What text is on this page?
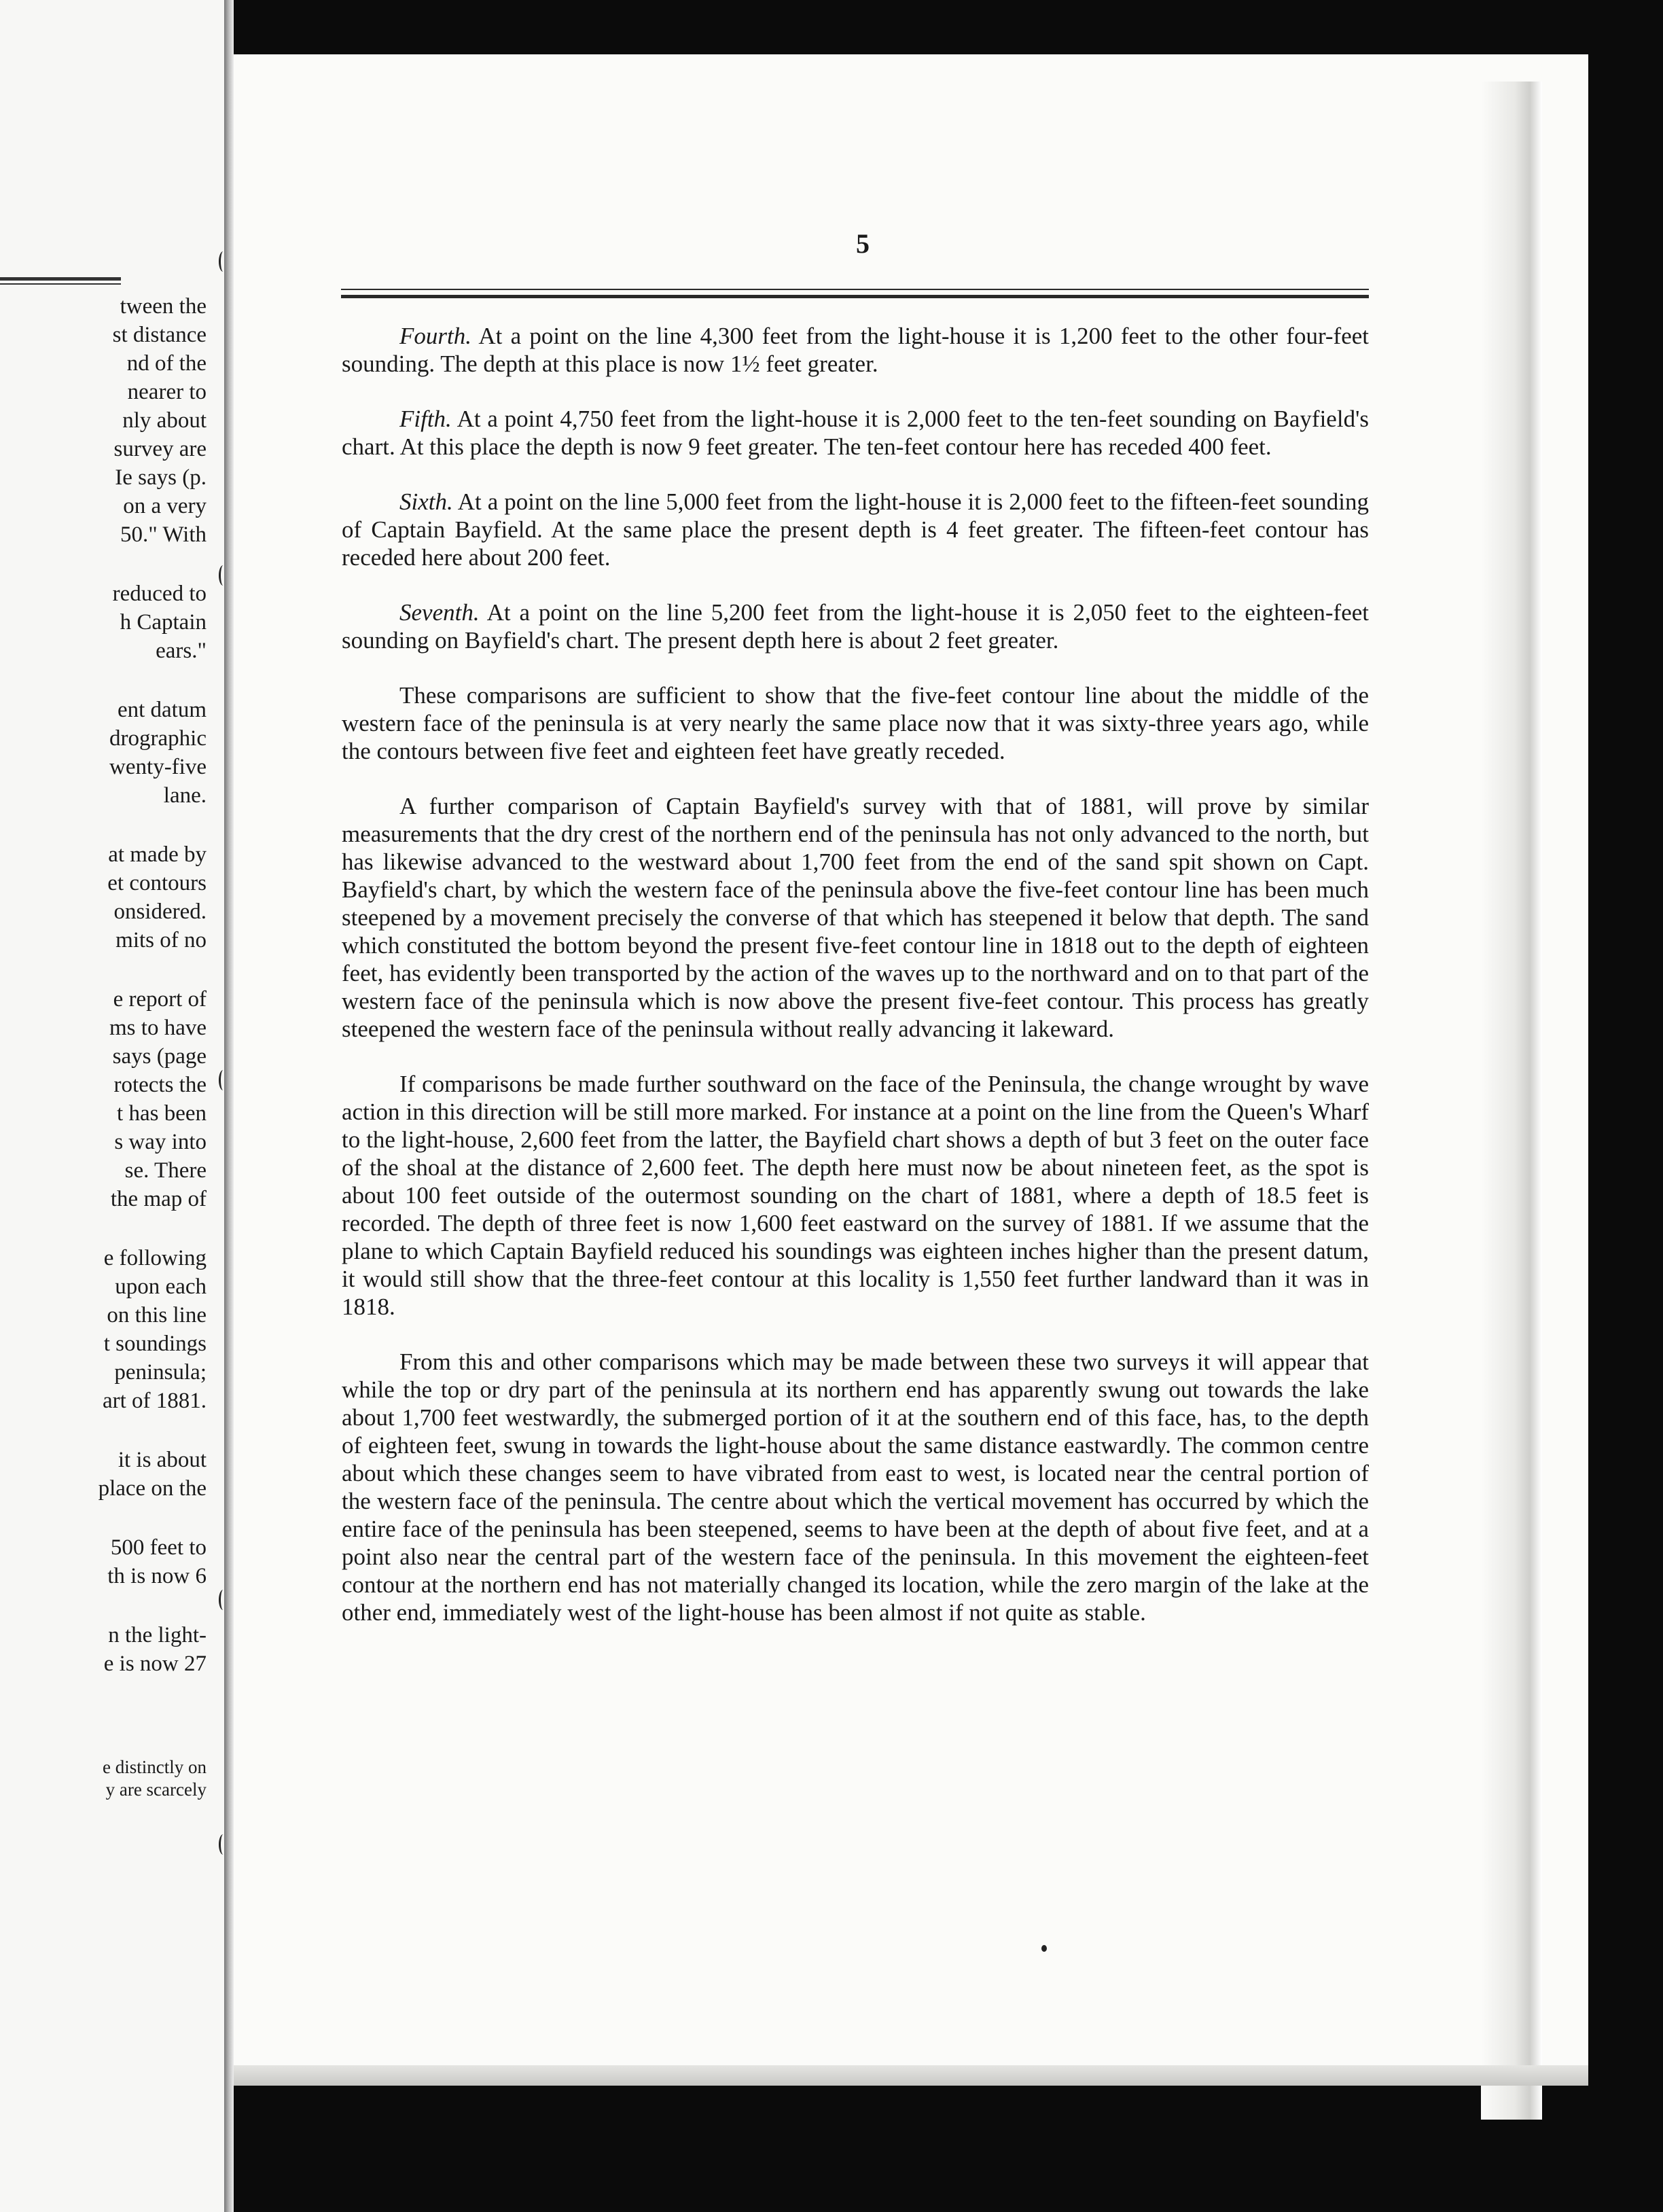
tween the
st distance
nd of the
nearer to
nly about
survey are
Ie says (p.
on a very
50." With
reduced to
h Captain
ears."
ent datum
drographic
wenty-five
lane.
at made by
et contours
onsidered.
mits of no
e report of
ms to have
says (page
rotects the
t has been
s way into
se. There
the map of
e following
upon each
on this line
t soundings
peninsula;
art of 1881.
it is about
place on the
500 feet to
th is now 6
n the light-
e is now 27
e distinctly on
y are scarcely
5

Fourth. At a point on the line 4,300 feet from the light-house it is 1,200 feet to the other four-feet sounding. The depth at this place is now 1½ feet greater.

Fifth. At a point 4,750 feet from the light-house it is 2,000 feet to the ten-feet sounding on Bayfield's chart. At this place the depth is now 9 feet greater. The ten-feet contour here has receded 400 feet.

Sixth. At a point on the line 5,000 feet from the light-house it is 2,000 feet to the fifteen-feet sounding of Captain Bayfield. At the same place the present depth is 4 feet greater. The fifteen-feet contour has receded here about 200 feet.

Seventh. At a point on the line 5,200 feet from the light-house it is 2,050 feet to the eighteen-feet sounding on Bayfield's chart. The present depth here is about 2 feet greater.

These comparisons are sufficient to show that the five-feet contour line about the middle of the western face of the peninsula is at very nearly the same place now that it was sixty-three years ago, while the contours between five feet and eighteen feet have greatly receded.

A further comparison of Captain Bayfield's survey with that of 1881, will prove by similar measurements that the dry crest of the northern end of the peninsula has not only advanced to the north, but has likewise advanced to the westward about 1,700 feet from the end of the sand spit shown on Capt. Bayfield's chart, by which the western face of the peninsula above the five-feet contour line has been much steepened by a movement precisely the converse of that which has steepened it below that depth. The sand which constituted the bottom beyond the present five-feet contour line in 1818 out to the depth of eighteen feet, has evidently been transported by the action of the waves up to the northward and on to that part of the western face of the peninsula which is now above the present five-feet contour. This process has greatly steepened the western face of the peninsula without really advancing it lakeward.

If comparisons be made further southward on the face of the Peninsula, the change wrought by wave action in this direction will be still more marked. For instance at a point on the line from the Queen's Wharf to the light-house, 2,600 feet from the latter, the Bayfield chart shows a depth of but 3 feet on the outer face of the shoal at the distance of 2,600 feet. The depth here must now be about nineteen feet, as the spot is about 100 feet outside of the outermost sounding on the chart of 1881, where a depth of 18.5 feet is recorded. The depth of three feet is now 1,600 feet eastward on the survey of 1881. If we assume that the plane to which Captain Bayfield reduced his soundings was eighteen inches higher than the present datum, it would still show that the three-feet contour at this locality is 1,550 feet further landward than it was in 1818.

From this and other comparisons which may be made between these two surveys it will appear that while the top or dry part of the peninsula at its northern end has apparently swung out towards the lake about 1,700 feet westwardly, the submerged portion of it at the southern end of this face, has, to the depth of eighteen feet, swung in towards the light-house about the same distance eastwardly. The common centre about which these changes seem to have vibrated from east to west, is located near the central portion of the western face of the peninsula. The centre about which the vertical movement has occurred by which the entire face of the peninsula has been steepened, seems to have been at the depth of about five feet, and at a point also near the central part of the western face of the peninsula. In this movement the eighteen-feet contour at the northern end has not materially changed its location, while the zero margin of the lake at the other end, immediately west of the light-house has been almost if not quite as stable.
